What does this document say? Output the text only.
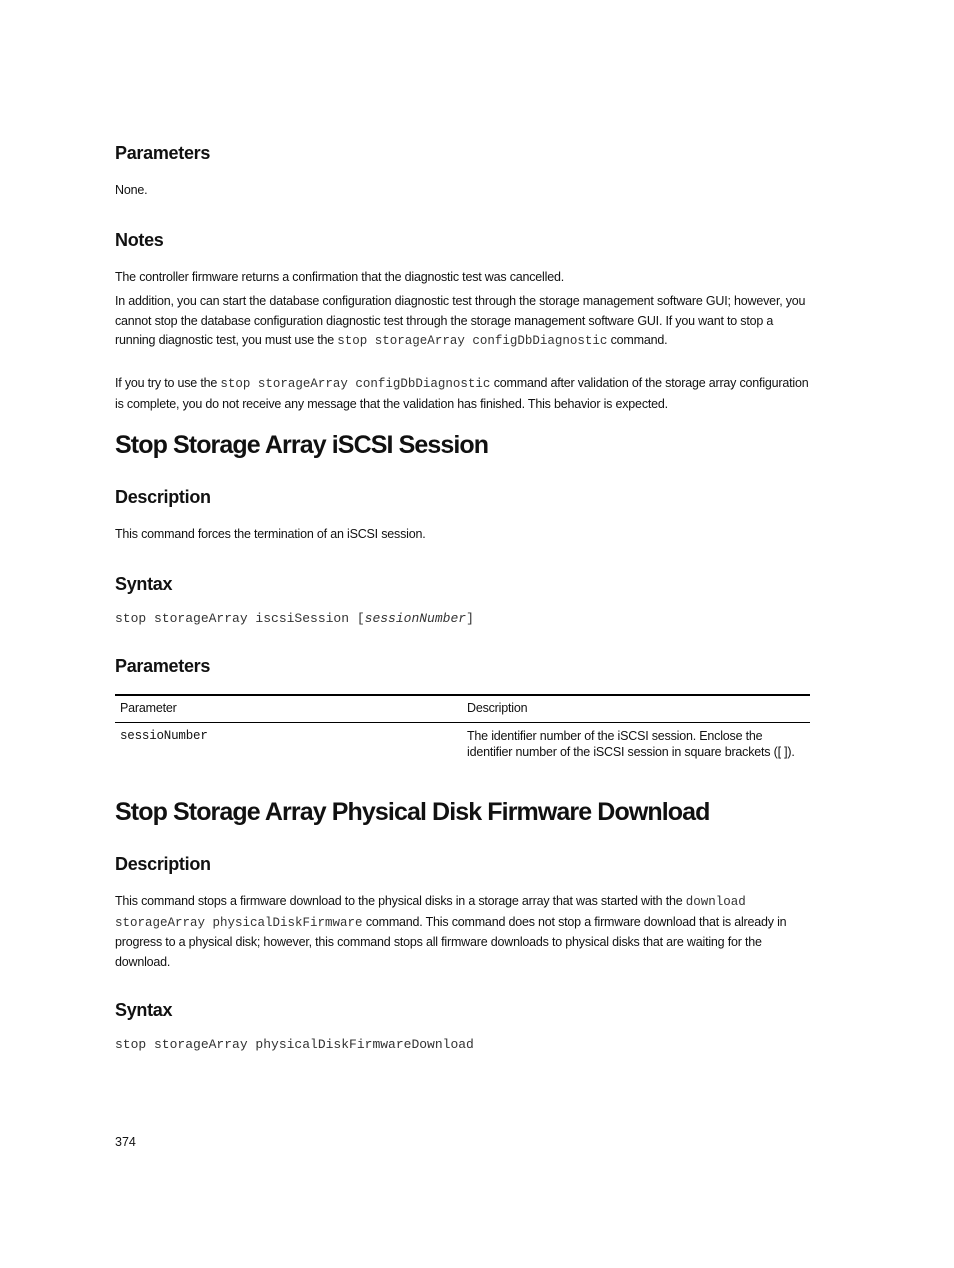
Parameters

None.

Notes

The controller firmware returns a confirmation that the diagnostic test was cancelled.

In addition, you can start the database configuration diagnostic test through the storage management software GUI; however, you cannot stop the database configuration diagnostic test through the storage management software GUI. If you want to stop a running diagnostic test, you must use the stop storageArray configDbDiagnostic command.

If you try to use the stop storageArray configDbDiagnostic command after validation of the storage array configuration is complete, you do not receive any message that the validation has finished. This behavior is expected.

Stop Storage Array iSCSI Session
Description

This command forces the termination of an iSCSI session.

Syntax

stop storageArray iscsiSession [sessionNumber]

Parameters
Parameter	Description
sessioNumber	The identifier number of the iSCSI session. Enclose the identifier number of the iSCSI session in square brackets ([ ]).
Stop Storage Array Physical Disk Firmware Download
Description

This command stops a firmware download to the physical disks in a storage array that was started with the download storageArray physicalDiskFirmware command. This command does not stop a firmware download that is already in progress to a physical disk; however, this command stops all firmware downloads to physical disks that are waiting for the download.

Syntax

stop storageArray physicalDiskFirmwareDownload

374
